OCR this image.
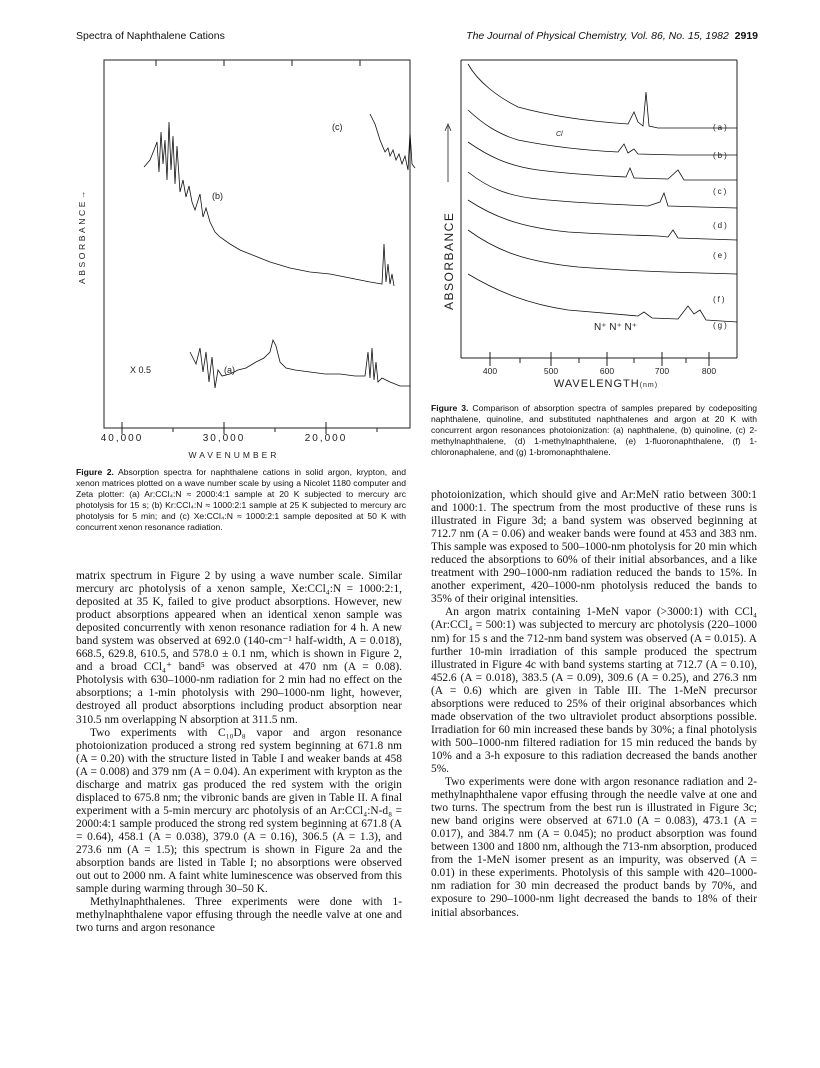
Spectra of Naphthalene Cations	The Journal of Physical Chemistry, Vol. 86, No. 15, 1982 2919
(c)
(b)
(a)
X 0.5
ABSORBANCE→
40,000	30,000	20,000
WAVENUMBER
Figure 2. Absorption spectra for naphthalene cations in solid argon, krypton, and xenon matrices plotted on a wave number scale by using a Nicolet 1180 computer and Zeta plotter: (a) Ar:CCl₄:N ≈ 2000:4:1 sample at 20 K subjected to mercury arc photolysis for 15 s; (b) Kr:CCl₄:N ≈ 1000:2:1 sample at 25 K subjected to mercury arc photolysis for 5 min; and (c) Xe:CCl₄:N ≈ 1000:2:1 sample deposited at 50 K with concurrent xenon resonance radiation.
(a)
(b)
(c)
(d)
(e)
(f)
(g)
Cl
N⁺ N⁺ N⁺
ABSORBANCE
400	500	600	700	800
WAVELENGTH(nm)
Figure 3. Comparison of absorption spectra of samples prepared by codepositing naphthalene, quinoline, and substituted naphthalenes and argon at 20 K with concurrent argon resonances photoionization: (a) naphthalene, (b) quinoline, (c) 2-methylnaphthalene, (d) 1-methylnaphthalene, (e) 1-fluoronaphthalene, (f) 1-chloronaphalene, and (g) 1-bromonaphthalene.

matrix spectrum in Figure 2 by using a wave number scale. Similar mercury arc photolysis of a xenon sample, Xe:CCl₄:N = 1000:2:1, deposited at 35 K, failed to give product absorptions. However, new product absorptions appeared when an identical xenon sample was deposited concurrently with xenon resonance radiation for 4 h. A new band system was observed at 692.0 (140-cm⁻¹ half-width, A = 0.018), 668.5, 629.8, 610.5, and 578.0 ± 0.1 nm, which is shown in Figure 2, and a broad CCl₄⁺ band⁵ was observed at 470 nm (A = 0.08). Photolysis with 630–1000-nm radiation for 2 min had no effect on the absorptions; a 1-min photolysis with 290–1000-nm light, however, destroyed all product absorptions including product absorption near 310.5 nm overlapping N absorption at 311.5 nm.

Two experiments with C₁₀D₈ vapor and argon resonance photoionization produced a strong red system beginning at 671.8 nm (A = 0.20) with the structure listed in Table I and weaker bands at 458 (A = 0.008) and 379 nm (A = 0.04). An experiment with krypton as the discharge and matrix gas produced the red system with the origin displaced to 675.8 nm; the vibronic bands are given in Table II. A final experiment with a 5-min mercury arc photolysis of an Ar:CCl₄:N-d₈ = 2000:4:1 sample produced the strong red system beginning at 671.8 (A = 0.64), 458.1 (A = 0.038), 379.0 (A = 0.16), 306.5 (A = 1.3), and 273.6 nm (A = 1.5); this spectrum is shown in Figure 2a and the absorption bands are listed in Table I; no absorptions were observed out out to 2000 nm. A faint white luminescence was observed from this sample during warming through 30–50 K.

Methylnaphthalenes. Three experiments were done with 1-methylnaphthalene vapor effusing through the needle valve at one and two turns and argon resonance

photoionization, which should give and Ar:MeN ratio between 300:1 and 1000:1. The spectrum from the most productive of these runs is illustrated in Figure 3d; a band system was observed beginning at 712.7 nm (A = 0.06) and weaker bands were found at 453 and 383 nm. This sample was exposed to 500–1000-nm photolysis for 20 min which reduced the absorptions to 60% of their initial absorbances, and a like treatment with 290–1000-nm radiation reduced the bands to 15%. In another experiment, 420–1000-nm photolysis reduced the bands to 35% of their original intensities.

An argon matrix containing 1-MeN vapor (>3000:1) with CCl₄ (Ar:CCl₄ = 500:1) was subjected to mercury arc photolysis (220–1000 nm) for 15 s and the 712-nm band system was observed (A = 0.015). A further 10-min irradiation of this sample produced the spectrum illustrated in Figure 4c with band systems starting at 712.7 (A = 0.10), 452.6 (A = 0.018), 383.5 (A = 0.09), 309.6 (A = 0.25), and 276.3 nm (A = 0.6) which are given in Table III. The 1-MeN precursor absorptions were reduced to 25% of their original absorbances which made observation of the two ultraviolet product absorptions possible. Irradiation for 60 min increased these bands by 30%; a final photolysis with 500–1000-nm filtered radiation for 15 min reduced the bands by 10% and a 3-h exposure to this radiation decreased the bands another 5%.

Two experiments were done with argon resonance radiation and 2-methylnaphthalene vapor effusing through the needle valve at one and two turns. The spectrum from the best run is illustrated in Figure 3c; new band origins were observed at 671.0 (A = 0.083), 473.1 (A = 0.017), and 384.7 nm (A = 0.045); no product absorption was found between 1300 and 1800 nm, although the 713-nm absorption, produced from the 1-MeN isomer present as an impurity, was observed (A = 0.01) in these experiments. Photolysis of this sample with 420–1000-nm radiation for 30 min decreased the product bands by 70%, and exposure to 290–1000-nm light decreased the bands to 18% of their initial absorbances.
